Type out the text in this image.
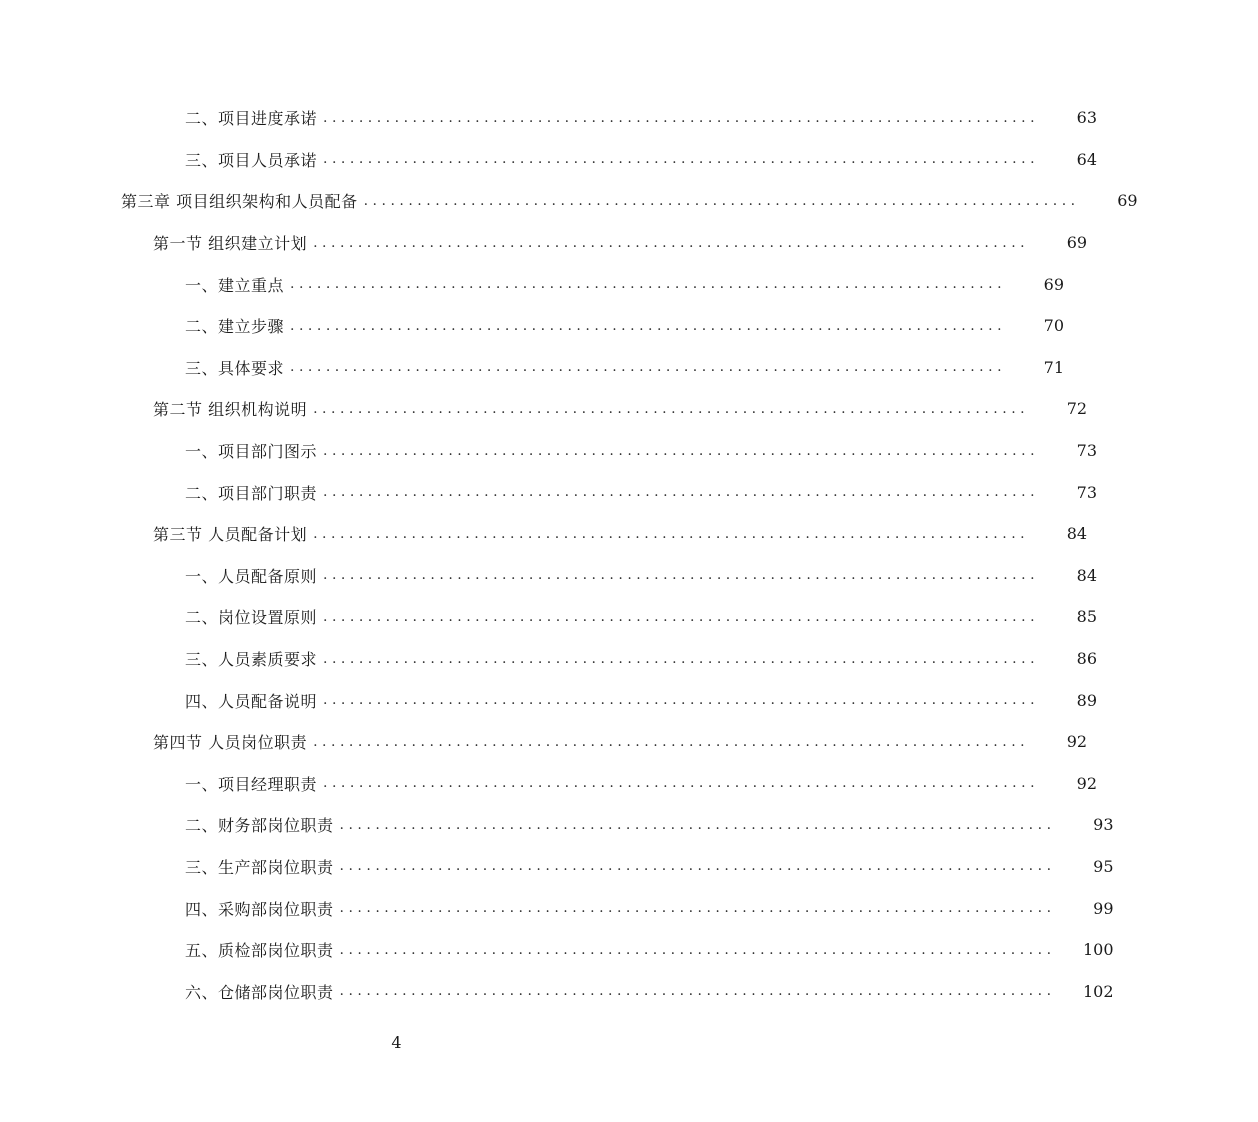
二、项目进度承诺 ................................................................................	63
三、项目人员承诺 ................................................................................	64
第三章 项目组织架构和人员配备 ................................................................................	69
第一节 组织建立计划 ................................................................................	69
一、建立重点 ................................................................................	69
二、建立步骤 ................................................................................	70
三、具体要求 ................................................................................	71
第二节 组织机构说明 ................................................................................	72
一、项目部门图示 ................................................................................	73
二、项目部门职责 ................................................................................	73
第三节 人员配备计划 ................................................................................	84
一、人员配备原则 ................................................................................	84
二、岗位设置原则 ................................................................................	85
三、人员素质要求 ................................................................................	86
四、人员配备说明 ................................................................................	89
第四节 人员岗位职责 ................................................................................	92
一、项目经理职责 ................................................................................	92
二、财务部岗位职责 ................................................................................	93
三、生产部岗位职责 ................................................................................	95
四、采购部岗位职责 ................................................................................	99
五、质检部岗位职责 ................................................................................	100
六、仓储部岗位职责 ................................................................................	102
4
